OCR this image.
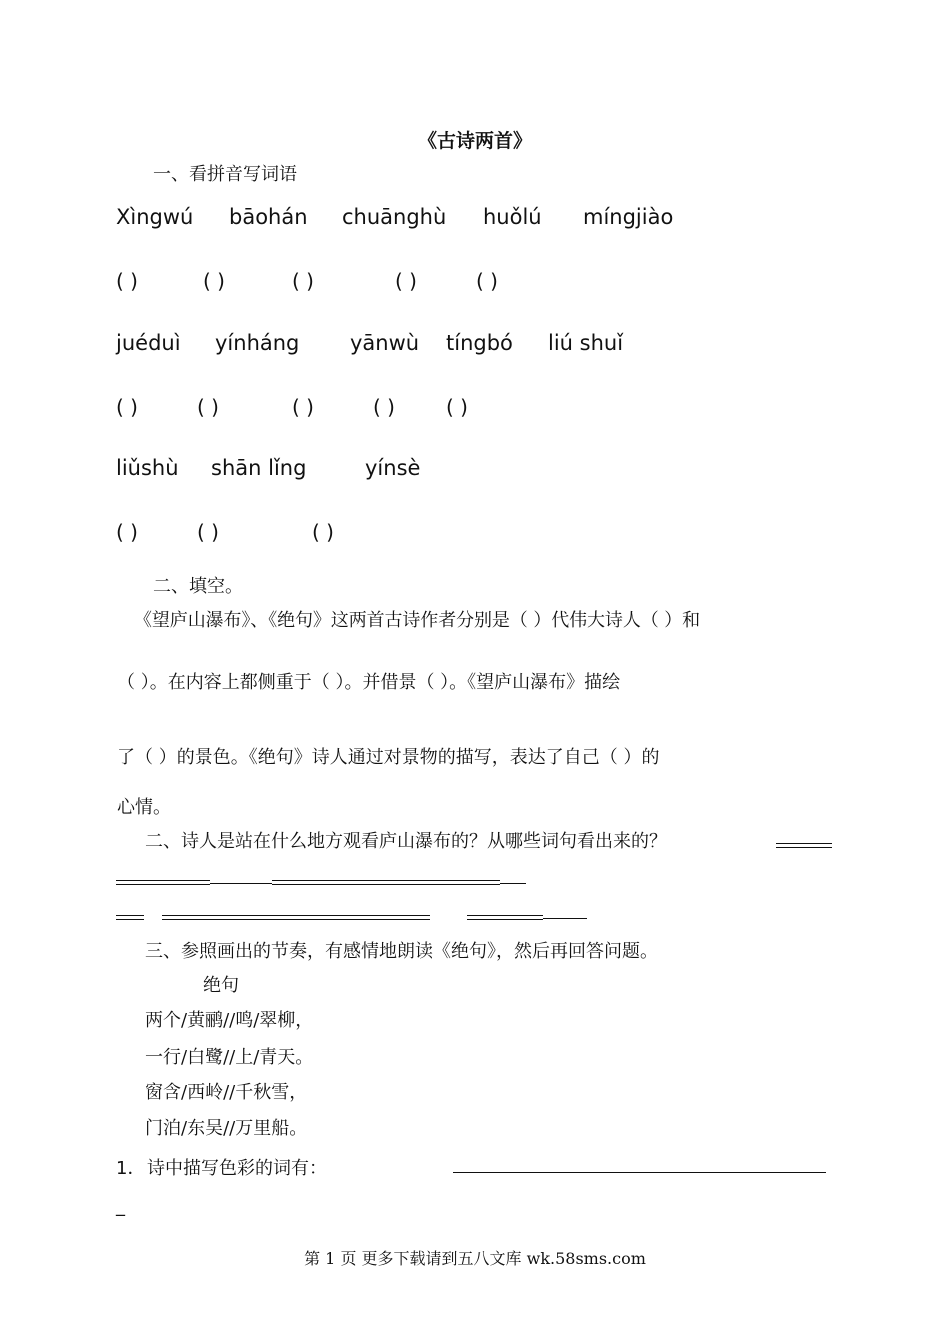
《古诗两首》
一、看拼音写词语
Xìngwú bāohán chuānghù huǒlú míngjiào
( )	( )	( )	( )	( )
juéduì yínháng yānwù tíngbó liú shuǐ
( )	( )	( )	( )	( )
liǔshù shān lǐng	yínsè
( )	( )	( )
二、填空。
《望庐山瀑布》、《绝句》这两首古诗作者分别是（ ）代伟大诗人（ ）和
（ ）。在内容上都侧重于（ ）。并借景（ ）。《望庐山瀑布》描绘
了（ ）的景色。《绝句》诗人通过对景物的描写，表达了自己（ ）的
心情。
二、诗人是站在什么地方观看庐山瀑布的？从哪些词句看出来的？
三、参照画出的节奏，有感情地朗读《绝句》，然后再回答问题。
绝句
两个/黄鹂//鸣/翠柳，
一行/白鹭//上/青天。
窗含/西岭//千秋雪，
门泊/东吴//万里船。
1． 诗中描写色彩的词有：
_
第 1 页 更多下载请到五八文库 wk.58sms.com
